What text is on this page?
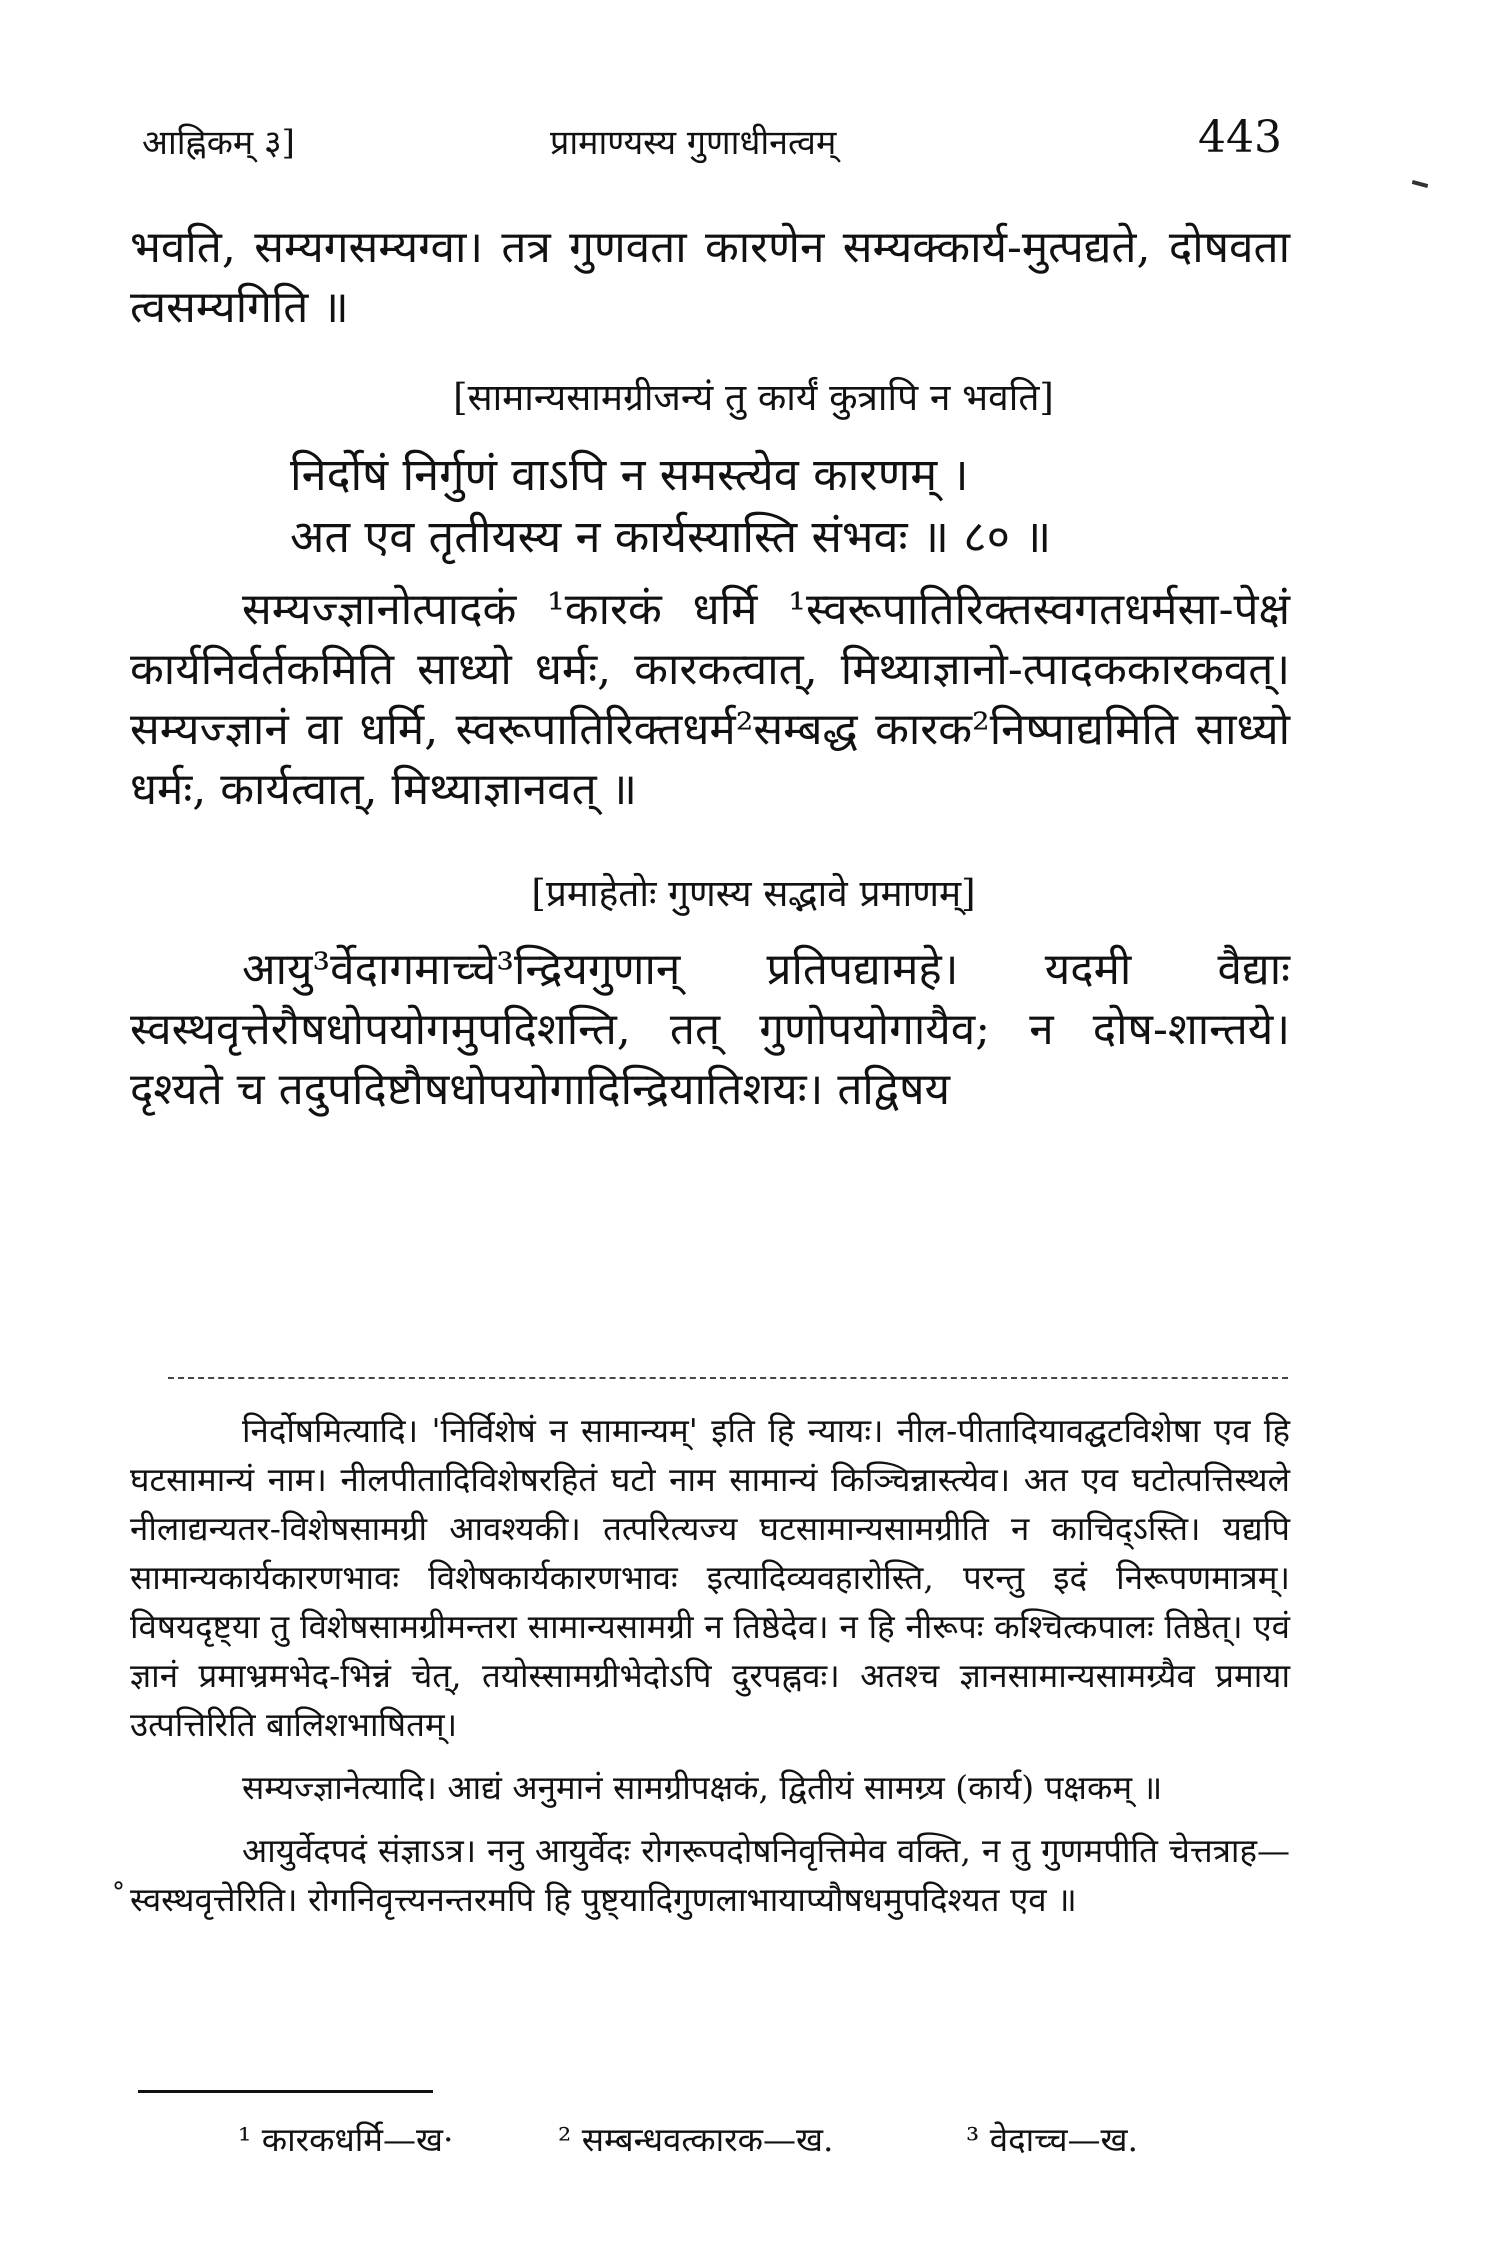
आह्निकम् ३]	प्रामाण्यस्य गुणाधीनत्वम्	443
भवति, सम्यगसम्यग्वा। तत्र गुणवता कारणेन सम्यक्कार्य-मुत्पद्यते, दोषवता त्वसम्यगिति ॥
[सामान्यसामग्रीजन्यं तु कार्यं कुत्रापि न भवति]
निर्दोषं निर्गुणं वाऽपि न समस्त्येव कारणम् ।
अत एव तृतीयस्य न कार्यस्यास्ति संभवः ॥ ८० ॥
सम्यज्ज्ञानोत्पादकं ¹कारकं धर्मि ¹स्वरूपातिरिक्तस्वगतधर्मसा-पेक्षं कार्यनिर्वर्तकमिति साध्यो धर्मः, कारकत्वात्, मिथ्याज्ञानो-त्पादककारकवत्। सम्यज्ज्ञानं वा धर्मि, स्वरूपातिरिक्तधर्म²सम्बद्ध कारक²निष्पाद्यमिति साध्यो धर्मः, कार्यत्वात्, मिथ्याज्ञानवत् ॥
[प्रमाहेतोः गुणस्य सद्भावे प्रमाणम्]
आयु³र्वेदागमाच्चे³न्द्रियगुणान् प्रतिपद्यामहे। यदमी वैद्याः स्वस्थवृत्तेरौषधोपयोगमुपदिशन्ति, तत् गुणोपयोगायैव; न दोष-शान्तये। दृश्यते च तदुपदिष्टौषधोपयोगादिन्द्रियातिशयः। तद्विषय

निर्दोषमित्यादि। 'निर्विशेषं न सामान्यम्' इति हि न्यायः। नील-पीतादियावद्घटविशेषा एव हि घटसामान्यं नाम। नीलपीतादिविशेषरहितं घटो नाम सामान्यं किञ्चिन्नास्त्येव। अत एव घटोत्पत्तिस्थले नीलाद्यन्यतर-विशेषसामग्री आवश्यकी। तत्परित्यज्य घटसामान्यसामग्रीति न काचिद्ऽस्ति। यद्यपि सामान्यकार्यकारणभावः विशेषकार्यकारणभावः इत्यादिव्यवहारोस्ति, परन्तु इदं निरूपणमात्रम्। विषयदृष्ट्या तु विशेषसामग्रीमन्तरा सामान्यसामग्री न तिष्ठेदेव। न हि नीरूपः कश्चित्कपालः तिष्ठेत्। एवं ज्ञानं प्रमाभ्रमभेद-भिन्नं चेत्, तयोस्सामग्रीभेदोऽपि दुरपह्नवः। अतश्च ज्ञानसामान्यसामग्र्यैव प्रमाया उत्पत्तिरिति बालिशभाषितम्।

सम्यज्ज्ञानेत्यादि। आद्यं अनुमानं सामग्रीपक्षकं, द्वितीयं सामग्र्य (कार्य) पक्षकम् ॥

आयुर्वेदपदं संज्ञाऽत्र। ननु आयुर्वेदः रोगरूपदोषनिवृत्तिमेव वक्ति, न तु गुणमपीति चेत्तत्राह—स्वस्थवृत्तेरिति। रोगनिवृत्त्यनन्तरमपि हि पुष्ट्यादिगुणलाभायाप्यौषधमुपदिश्यत एव ॥

°
¹ कारकधर्मि—ख·	² सम्बन्धवत्कारक—ख.	³ वेदाच्च—ख.
